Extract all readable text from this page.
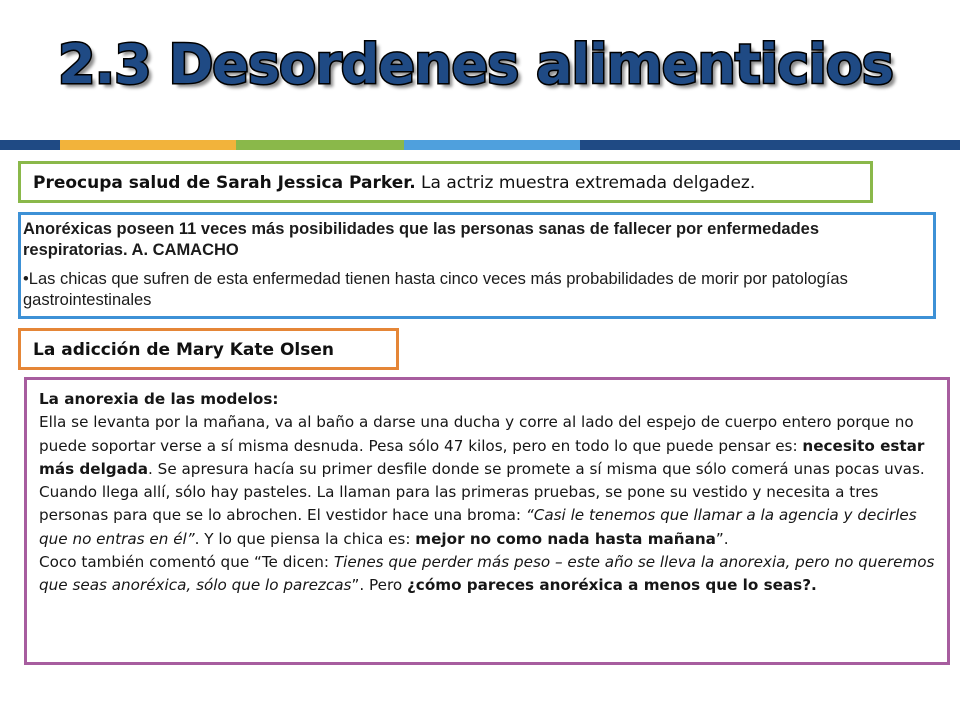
2.3 Desordenes alimenticios
Preocupa salud de Sarah Jessica Parker. La actriz muestra extremada delgadez.

Anoréxicas poseen 11 veces más posibilidades que las personas sanas de fallecer por enfermedades respiratorias. A. CAMACHO

•Las chicas que sufren de esta enfermedad tienen hasta cinco veces más probabilidades de morir por patologías gastrointestinales

La adicción de Mary Kate Olsen

La anorexia de las modelos:

Ella se levanta por la mañana, va al baño a darse una ducha y corre al lado del espejo de cuerpo entero porque no puede soportar verse a sí misma desnuda. Pesa sólo 47 kilos, pero en todo lo que puede pensar es: necesito estar más delgada. Se apresura hacía su primer desfile donde se promete a sí misma que sólo comerá unas pocas uvas. Cuando llega allí, sólo hay pasteles. La llaman para las primeras pruebas, se pone su vestido y necesita a tres personas para que se lo abrochen. El vestidor hace una broma: “Casi le tenemos que llamar a la agencia y decirles que no entras en él”. Y lo que piensa la chica es: mejor no como nada hasta mañana”.

Coco también comentó que “Te dicen: Tienes que perder más peso – este año se lleva la anorexia, pero no queremos que seas anoréxica, sólo que lo parezcas”. Pero ¿cómo pareces anoréxica a menos que lo seas?.
